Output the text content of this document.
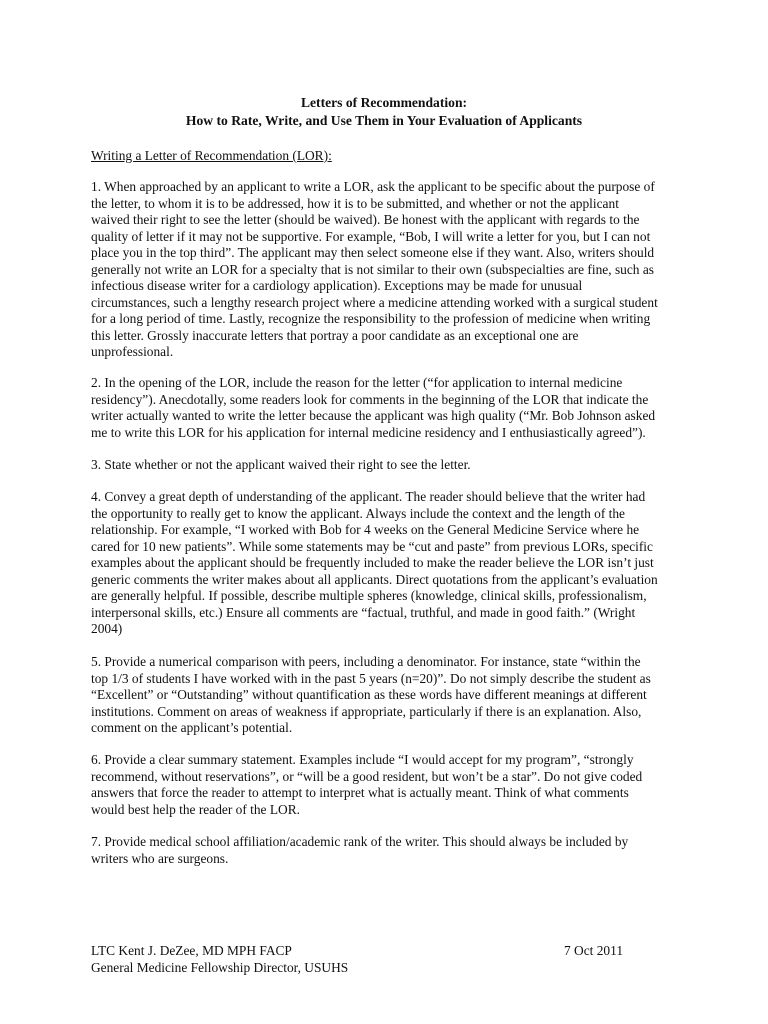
Letters of Recommendation:
How to Rate, Write, and Use Them in Your Evaluation of Applicants
Writing a Letter of Recommendation (LOR):

1. When approached by an applicant to write a LOR, ask the applicant to be specific about the purpose of
the letter, to whom it is to be addressed, how it is to be submitted, and whether or not the applicant
waived their right to see the letter (should be waived). Be honest with the applicant with regards to the
quality of letter if it may not be supportive. For example, “Bob, I will write a letter for you, but I can not
place you in the top third”. The applicant may then select someone else if they want. Also, writers should
generally not write an LOR for a specialty that is not similar to their own (subspecialties are fine, such as
infectious disease writer for a cardiology application). Exceptions may be made for unusual
circumstances, such a lengthy research project where a medicine attending worked with a surgical student
for a long period of time. Lastly, recognize the responsibility to the profession of medicine when writing
this letter. Grossly inaccurate letters that portray a poor candidate as an exceptional one are
unprofessional.

2. In the opening of the LOR, include the reason for the letter (“for application to internal medicine
residency”). Anecdotally, some readers look for comments in the beginning of the LOR that indicate the
writer actually wanted to write the letter because the applicant was high quality (“Mr. Bob Johnson asked
me to write this LOR for his application for internal medicine residency and I enthusiastically agreed”).

3. State whether or not the applicant waived their right to see the letter.

4. Convey a great depth of understanding of the applicant. The reader should believe that the writer had
the opportunity to really get to know the applicant. Always include the context and the length of the
relationship. For example, “I worked with Bob for 4 weeks on the General Medicine Service where he
cared for 10 new patients”. While some statements may be “cut and paste” from previous LORs, specific
examples about the applicant should be frequently included to make the reader believe the LOR isn’t just
generic comments the writer makes about all applicants. Direct quotations from the applicant’s evaluation
are generally helpful. If possible, describe multiple spheres (knowledge, clinical skills, professionalism,
interpersonal skills, etc.) Ensure all comments are “factual, truthful, and made in good faith.” (Wright
2004)

5. Provide a numerical comparison with peers, including a denominator. For instance, state “within the
top 1/3 of students I have worked with in the past 5 years (n=20)”. Do not simply describe the student as
“Excellent” or “Outstanding” without quantification as these words have different meanings at different
institutions. Comment on areas of weakness if appropriate, particularly if there is an explanation. Also,
comment on the applicant’s potential.

6. Provide a clear summary statement. Examples include “I would accept for my program”, “strongly
recommend, without reservations”, or “will be a good resident, but won’t be a star”. Do not give coded
answers that force the reader to attempt to interpret what is actually meant. Think of what comments
would best help the reader of the LOR.

7. Provide medical school affiliation/academic rank of the writer. This should always be included by
writers who are surgeons.

LTC Kent J. DeZee, MD MPH FACP	7 Oct 2011
General Medicine Fellowship Director, USUHS
